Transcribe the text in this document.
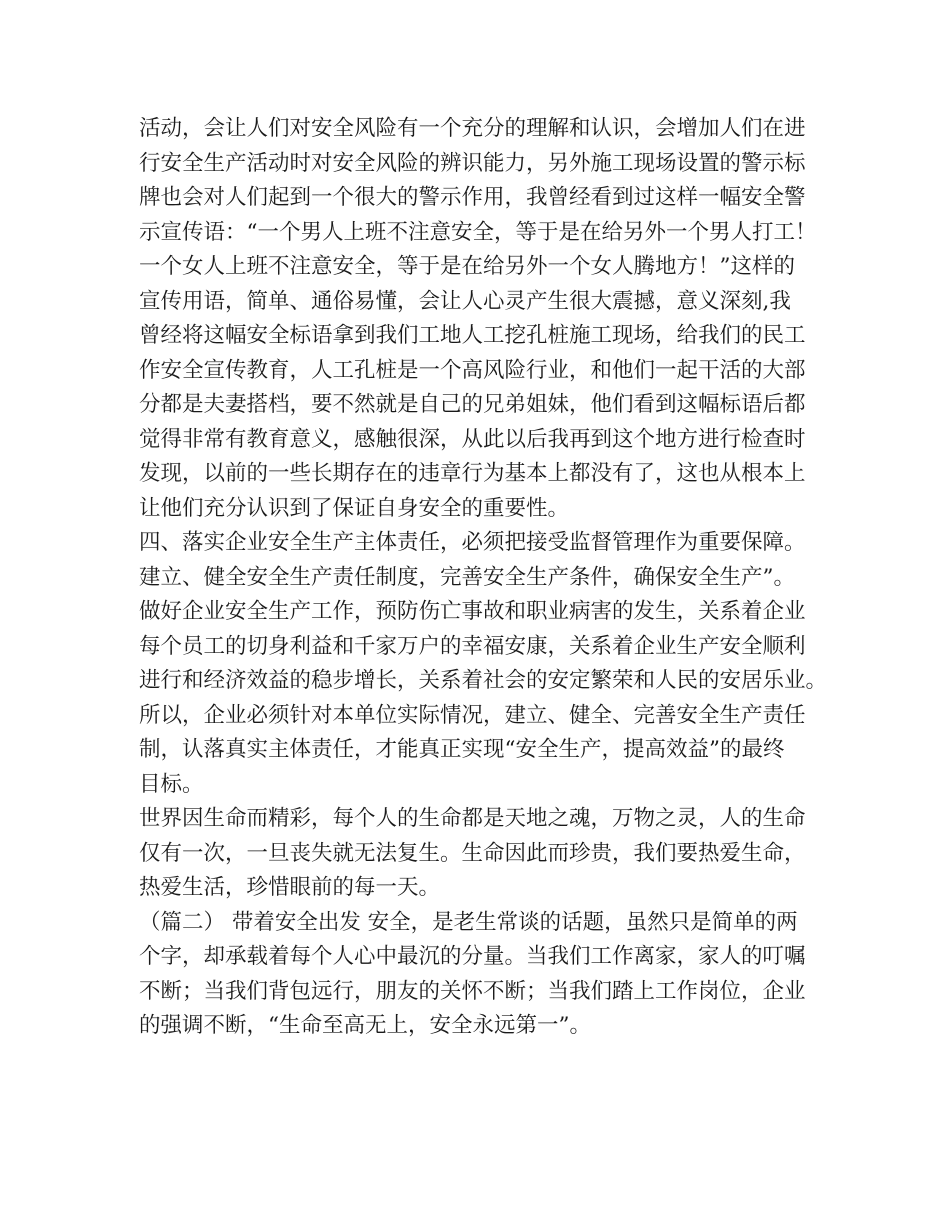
活动，会让人们对安全风险有一个充分的理解和认识，会增加人们在进
行安全生产活动时对安全风险的辨识能力，另外施工现场设置的警示标
牌也会对人们起到一个很大的警示作用，我曾经看到过这样一幅安全警
示宣传语：“一个男人上班不注意安全，等于是在给另外一个男人打工！
一个女人上班不注意安全，等于是在给另外一个女人腾地方！”这样的
宣传用语，简单、通俗易懂，会让人心灵产生很大震撼，意义深刻,我
曾经将这幅安全标语拿到我们工地人工挖孔桩施工现场，给我们的民工
作安全宣传教育，人工孔桩是一个高风险行业，和他们一起干活的大部
分都是夫妻搭档，要不然就是自己的兄弟姐妹，他们看到这幅标语后都
觉得非常有教育意义，感触很深，从此以后我再到这个地方进行检查时
发现，以前的一些长期存在的违章行为基本上都没有了，这也从根本上
让他们充分认识到了保证自身安全的重要性。
四、落实企业安全生产主体责任，必须把接受监督管理作为重要保障。
建立、健全安全生产责任制度，完善安全生产条件，确保安全生产”。
做好企业安全生产工作，预防伤亡事故和职业病害的发生，关系着企业
每个员工的切身利益和千家万户的幸福安康，关系着企业生产安全顺利
进行和经济效益的稳步增长，关系着社会的安定繁荣和人民的安居乐业。
所以，企业必须针对本单位实际情况，建立、健全、完善安全生产责任
制，认落真实主体责任，才能真正实现“安全生产，提高效益”的最终
目标。
世界因生命而精彩，每个人的生命都是天地之魂，万物之灵，人的生命
仅有一次，一旦丧失就无法复生。生命因此而珍贵，我们要热爱生命，
热爱生活，珍惜眼前的每一天。
（篇二） 带着安全出发 安全，是老生常谈的话题，虽然只是简单的两
个字，却承载着每个人心中最沉的分量。当我们工作离家，家人的叮嘱
不断；当我们背包远行，朋友的关怀不断；当我们踏上工作岗位，企业
的强调不断，“生命至高无上，安全永远第一”。
